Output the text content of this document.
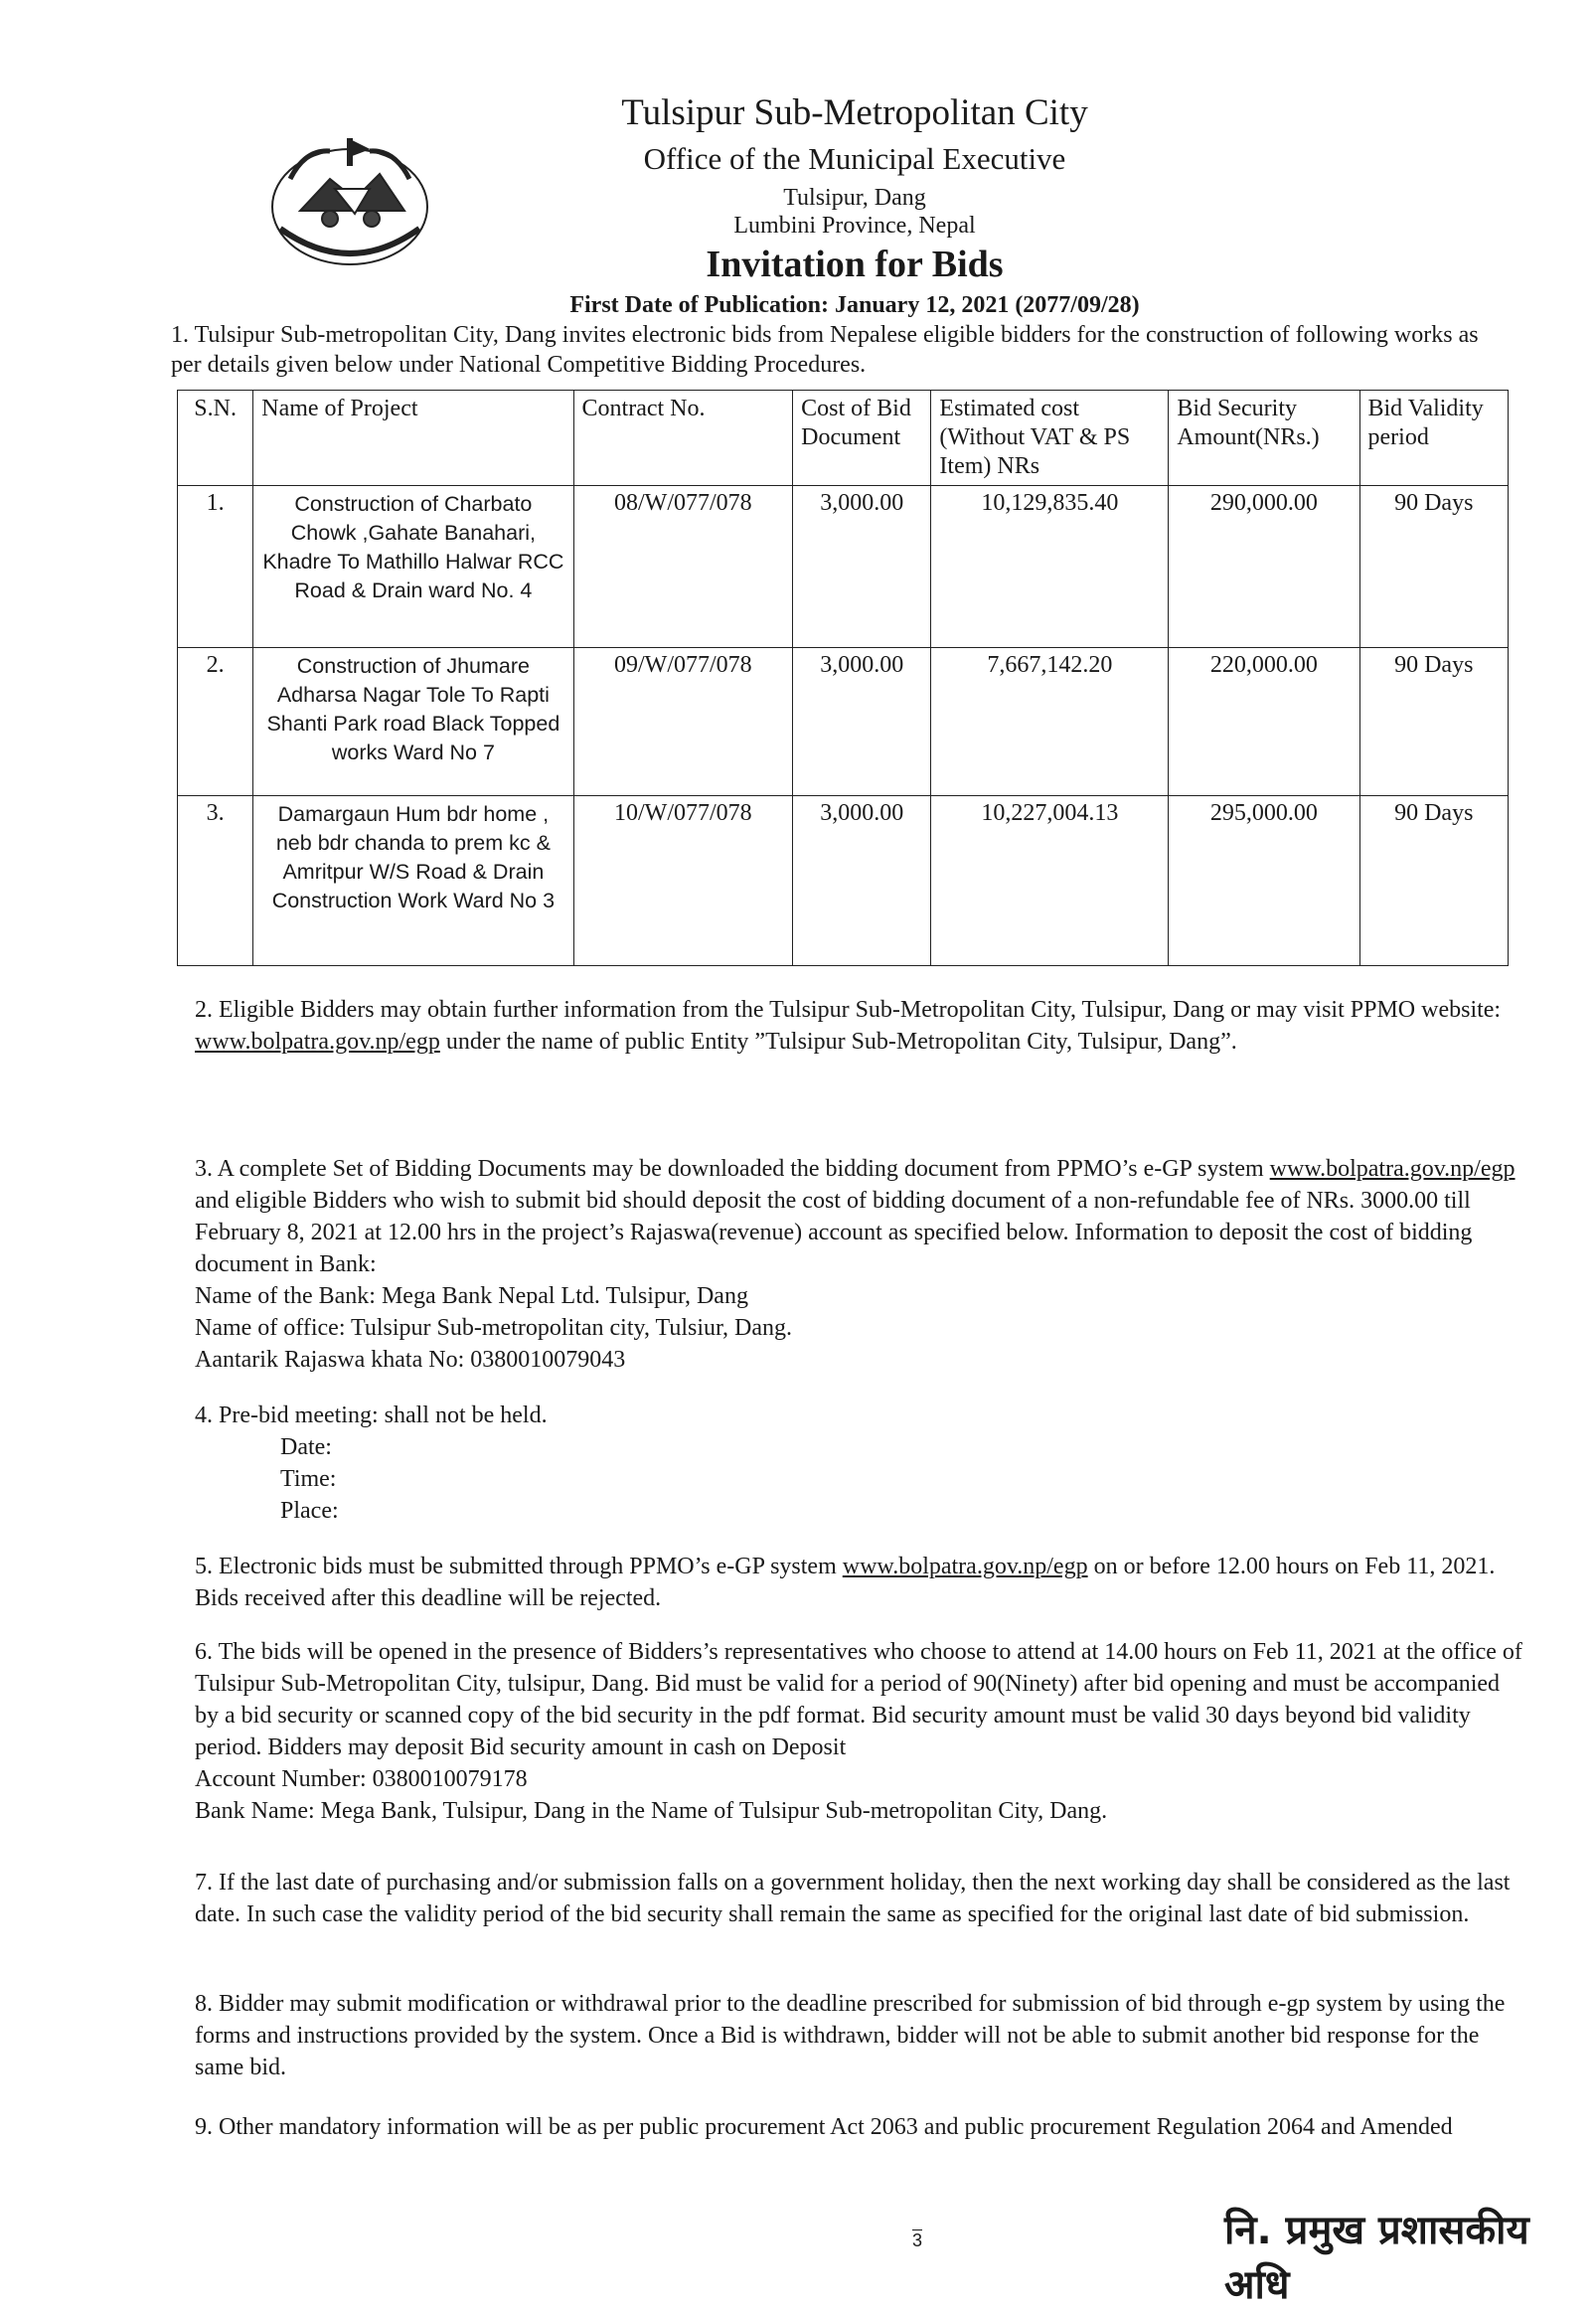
Tulsipur Sub-Metropolitan City
Office of the Municipal Executive
Tulsipur, Dang
Lumbini Province, Nepal
Invitation for Bids
First Date of Publication: January 12, 2021 (2077/09/28)
1. Tulsipur Sub-metropolitan City, Dang invites electronic bids from Nepalese eligible bidders for the construction of following works as per details given below under National Competitive Bidding Procedures.
S.N.	Name of Project	Contract No.	Cost of Bid Document	Estimated cost (Without VAT & PS Item) NRs	Bid Security Amount(NRs.)	Bid Validity period
1.	Construction of Charbato Chowk ,Gahate Banahari, Khadre To Mathillo Halwar RCC Road & Drain ward No. 4	08/W/077/078	3,000.00	10,129,835.40	290,000.00	90 Days
2.	Construction of Jhumare Adharsa Nagar Tole To Rapti Shanti Park road Black Topped works Ward No 7	09/W/077/078	3,000.00	7,667,142.20	220,000.00	90 Days
3.	Damargaun Hum bdr home , neb bdr chanda to prem kc & Amritpur W/S Road & Drain Construction Work Ward No 3	10/W/077/078	3,000.00	10,227,004.13	295,000.00	90 Days

2. Eligible Bidders may obtain further information from the Tulsipur Sub-Metropolitan City, Tulsipur, Dang or may visit PPMO website: www.bolpatra.gov.np/egp under the name of public Entity ”Tulsipur Sub-Metropolitan City, Tulsipur, Dang”.

3. A complete Set of Bidding Documents may be downloaded the bidding document from PPMO’s e-GP system www.bolpatra.gov.np/egp and eligible Bidders who wish to submit bid should deposit the cost of bidding document of a non-refundable fee of NRs. 3000.00 till February 8, 2021 at 12.00 hrs in the project’s Rajaswa(revenue) account as specified below. Information to deposit the cost of bidding document in Bank:

Name of the Bank: Mega Bank Nepal Ltd. Tulsipur, Dang

Name of office: Tulsipur Sub-metropolitan city, Tulsiur, Dang.

Aantarik Rajaswa khata No: 0380010079043

4. Pre-bid meeting: shall not be held.

Date:

Time:

Place:

5. Electronic bids must be submitted through PPMO’s e-GP system www.bolpatra.gov.np/egp on or before 12.00 hours on Feb 11, 2021. Bids received after this deadline will be rejected.

6. The bids will be opened in the presence of Bidders’s representatives who choose to attend at 14.00 hours on Feb 11, 2021 at the office of Tulsipur Sub-Metropolitan City, tulsipur, Dang. Bid must be valid for a period of 90(Ninety) after bid opening and must be accompanied by a bid security or scanned copy of the bid security in the pdf format. Bid security amount must be valid 30 days beyond bid validity period. Bidders may deposit Bid security amount in cash on Deposit

Account Number: 0380010079178

Bank Name: Mega Bank, Tulsipur, Dang in the Name of Tulsipur Sub-metropolitan City, Dang.

7. If the last date of purchasing and/or submission falls on a government holiday, then the next working day shall be considered as the last date. In such case the validity period of the bid security shall remain the same as specified for the original last date of bid submission.
8. Bidder may submit modification or withdrawal prior to the deadline prescribed for submission of bid through e-gp system by using the forms and instructions provided by the system. Once a Bid is withdrawn, bidder will not be able to submit another bid response for the same bid.
9. Other mandatory information will be as per public procurement Act 2063 and public procurement Regulation 2064 and Amended
3	नि. प्रमुख प्रशासकीय अधि
